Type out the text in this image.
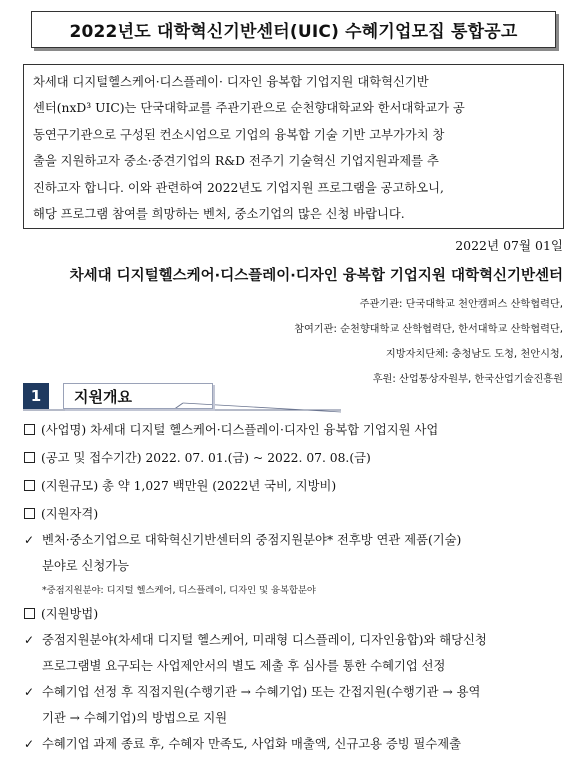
2022년도 대학혁신기반센터(UIC) 수혜기업모집 통합공고
차세대 디지털헬스케어·디스플레이· 디자인 융복합 기업지원 대학혁신기반
센터(nxD³ UIC)는 단국대학교를 주관기관으로 순천향대학교와 한서대학교가 공
동연구기관으로 구성된 컨소시엄으로 기업의 융복합 기술 기반 고부가가치 창
출을 지원하고자 중소·중견기업의 R&D 전주기 기술혁신 기업지원과제를 추
진하고자 합니다. 이와 관련하여 2022년도 기업지원 프로그램을 공고하오니,
해당 프로그램 참여를 희망하는 벤처, 중소기업의 많은 신청 바랍니다.
2022년 07월 01일
차세대 디지털헬스케어·디스플레이·디자인 융복합 기업지원 대학혁신기반센터
주관기관: 단국대학교 천안캠퍼스 산학협력단,
참여기관: 순천향대학교 산학협력단, 한서대학교 산학협력단,
지방자치단체: 충청남도 도청, 천안시청,
후원: 산업통상자원부, 한국산업기술진흥원
1	지원개요
(사업명) 차세대 디지털 헬스케어·디스플레이·디자인 융복합 기업지원 사업
(공고 및 접수기간) 2022. 07. 01.(금) ~ 2022. 07. 08.(금)
(지원규모) 총 약 1,027 백만원 (2022년 국비, 지방비)
(지원자격)
✓ 벤처·중소기업으로 대학혁신기반센터의 중점지원분야* 전후방 연관 제품(기술)
분야로 신청가능
*중점지원분야: 디지털 헬스케어, 디스플레이, 디자인 및 융복합분야
(지원방법)
✓ 중점지원분야(차세대 디지털 헬스케어, 미래형 디스플레이, 디자인융합)와 해당신청
프로그램별 요구되는 사업제안서의 별도 제출 후 심사를 통한 수혜기업 선정
✓ 수혜기업 선정 후 직접지원(수행기관 → 수혜기업) 또는 간접지원(수행기관 → 용역
기관 → 수혜기업)의 방법으로 지원
✓ 수혜기업 과제 종료 후, 수혜자 만족도, 사업화 매출액, 신규고용 증빙 필수제출
